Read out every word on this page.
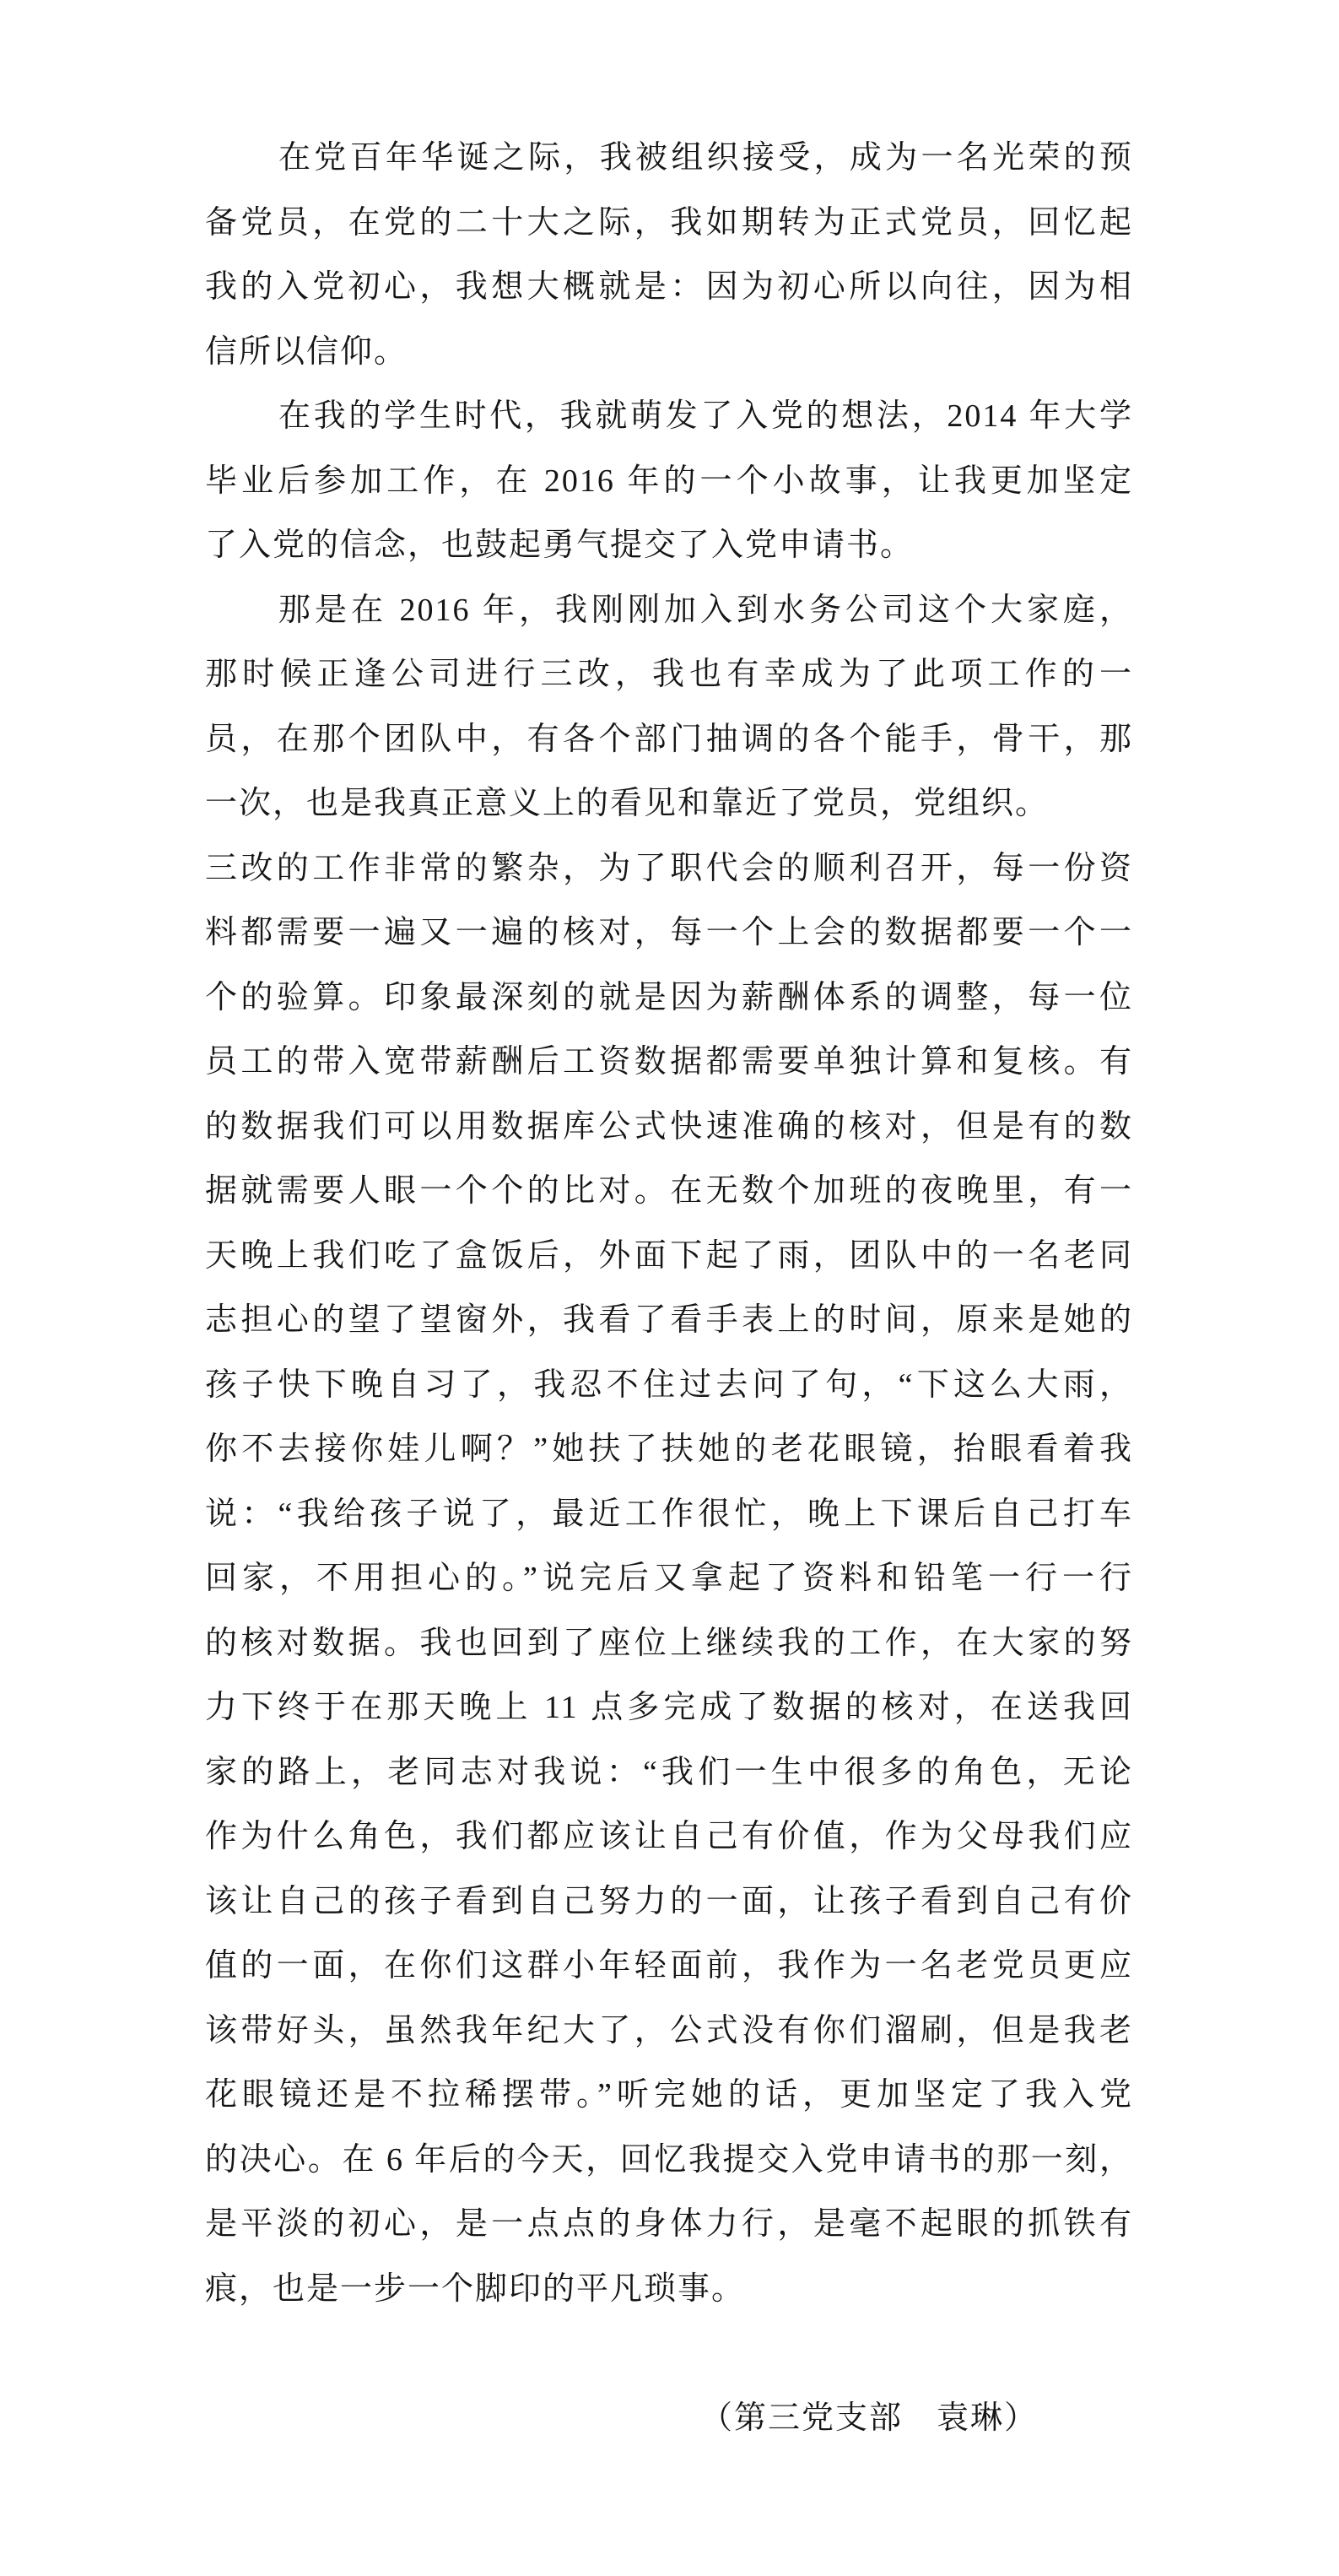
在党百年华诞之际，我被组织接受，成为一名光荣的预
备党员，在党的二十大之际，我如期转为正式党员，回忆起
我的入党初心，我想大概就是：因为初心所以向往，因为相
信所以信仰。
在我的学生时代，我就萌发了入党的想法，2014 年大学
毕业后参加工作，在 2016 年的一个小故事，让我更加坚定
了入党的信念，也鼓起勇气提交了入党申请书。
那是在 2016 年，我刚刚加入到水务公司这个大家庭，
那时候正逢公司进行三改，我也有幸成为了此项工作的一
员，在那个团队中，有各个部门抽调的各个能手，骨干，那
一次，也是我真正意义上的看见和靠近了党员，党组织。
三改的工作非常的繁杂，为了职代会的顺利召开，每一份资
料都需要一遍又一遍的核对，每一个上会的数据都要一个一
个的验算。印象最深刻的就是因为薪酬体系的调整，每一位
员工的带入宽带薪酬后工资数据都需要单独计算和复核。有
的数据我们可以用数据库公式快速准确的核对，但是有的数
据就需要人眼一个个的比对。在无数个加班的夜晚里，有一
天晚上我们吃了盒饭后，外面下起了雨，团队中的一名老同
志担心的望了望窗外，我看了看手表上的时间，原来是她的
孩子快下晚自习了，我忍不住过去问了句，“下这么大雨，
你不去接你娃儿啊？”她扶了扶她的老花眼镜，抬眼看着我
说：“我给孩子说了，最近工作很忙，晚上下课后自己打车
回家，不用担心的。”说完后又拿起了资料和铅笔一行一行
的核对数据。我也回到了座位上继续我的工作，在大家的努
力下终于在那天晚上 11 点多完成了数据的核对，在送我回
家的路上，老同志对我说：“我们一生中很多的角色，无论
作为什么角色，我们都应该让自己有价值，作为父母我们应
该让自己的孩子看到自己努力的一面，让孩子看到自己有价
值的一面，在你们这群小年轻面前，我作为一名老党员更应
该带好头，虽然我年纪大了，公式没有你们溜刷，但是我老
花眼镜还是不拉稀摆带。”听完她的话，更加坚定了我入党
的决心。在 6 年后的今天，回忆我提交入党申请书的那一刻，
是平淡的初心，是一点点的身体力行，是毫不起眼的抓铁有
痕，也是一步一个脚印的平凡琐事。
（第三党支部　袁琳）
